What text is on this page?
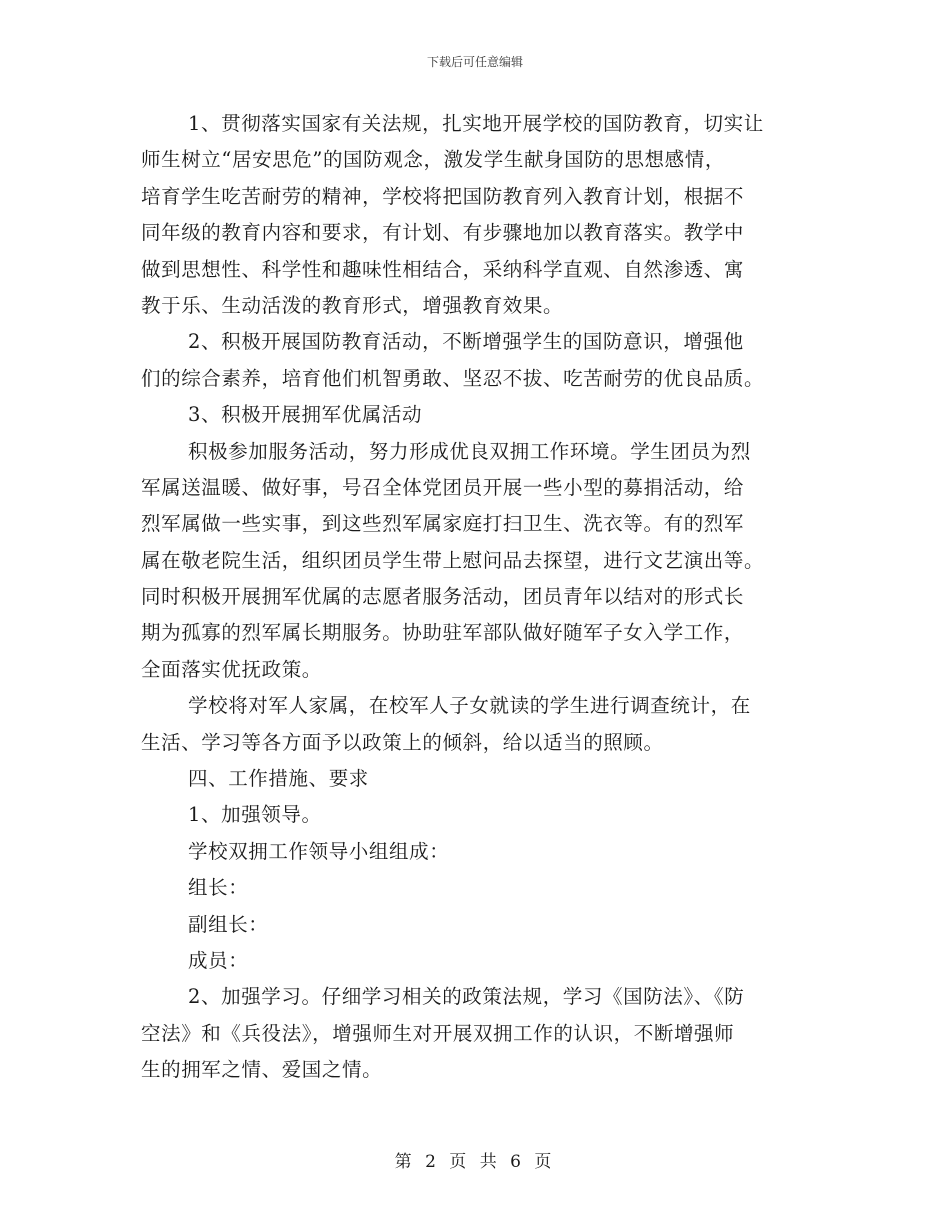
下载后可任意编辑
1、贯彻落实国家有关法规，扎实地开展学校的国防教育，切实让
师生树立“居安思危”的国防观念，激发学生献身国防的思想感情，
培育学生吃苦耐劳的精神，学校将把国防教育列入教育计划，根据不
同年级的教育内容和要求，有计划、有步骤地加以教育落实。教学中
做到思想性、科学性和趣味性相结合，采纳科学直观、自然渗透、寓
教于乐、生动活泼的教育形式，增强教育效果。
2、积极开展国防教育活动，不断增强学生的国防意识，增强他
们的综合素养，培育他们机智勇敢、坚忍不拔、吃苦耐劳的优良品质。
3、积极开展拥军优属活动
积极参加服务活动，努力形成优良双拥工作环境。学生团员为烈
军属送温暖、做好事，号召全体党团员开展一些小型的募捐活动，给
烈军属做一些实事，到这些烈军属家庭打扫卫生、洗衣等。有的烈军
属在敬老院生活，组织团员学生带上慰问品去探望，进行文艺演出等。
同时积极开展拥军优属的志愿者服务活动，团员青年以结对的形式长
期为孤寡的烈军属长期服务。协助驻军部队做好随军子女入学工作，
全面落实优抚政策。
学校将对军人家属，在校军人子女就读的学生进行调查统计，在
生活、学习等各方面予以政策上的倾斜，给以适当的照顾。
四、工作措施、要求
1、加强领导。
学校双拥工作领导小组组成：
组长：
副组长：
成员：
2、加强学习。仔细学习相关的政策法规，学习《国防法》、《防
空法》和《兵役法》，增强师生对开展双拥工作的认识，不断增强师
生的拥军之情、爱国之情。
第 2 页 共 6 页
